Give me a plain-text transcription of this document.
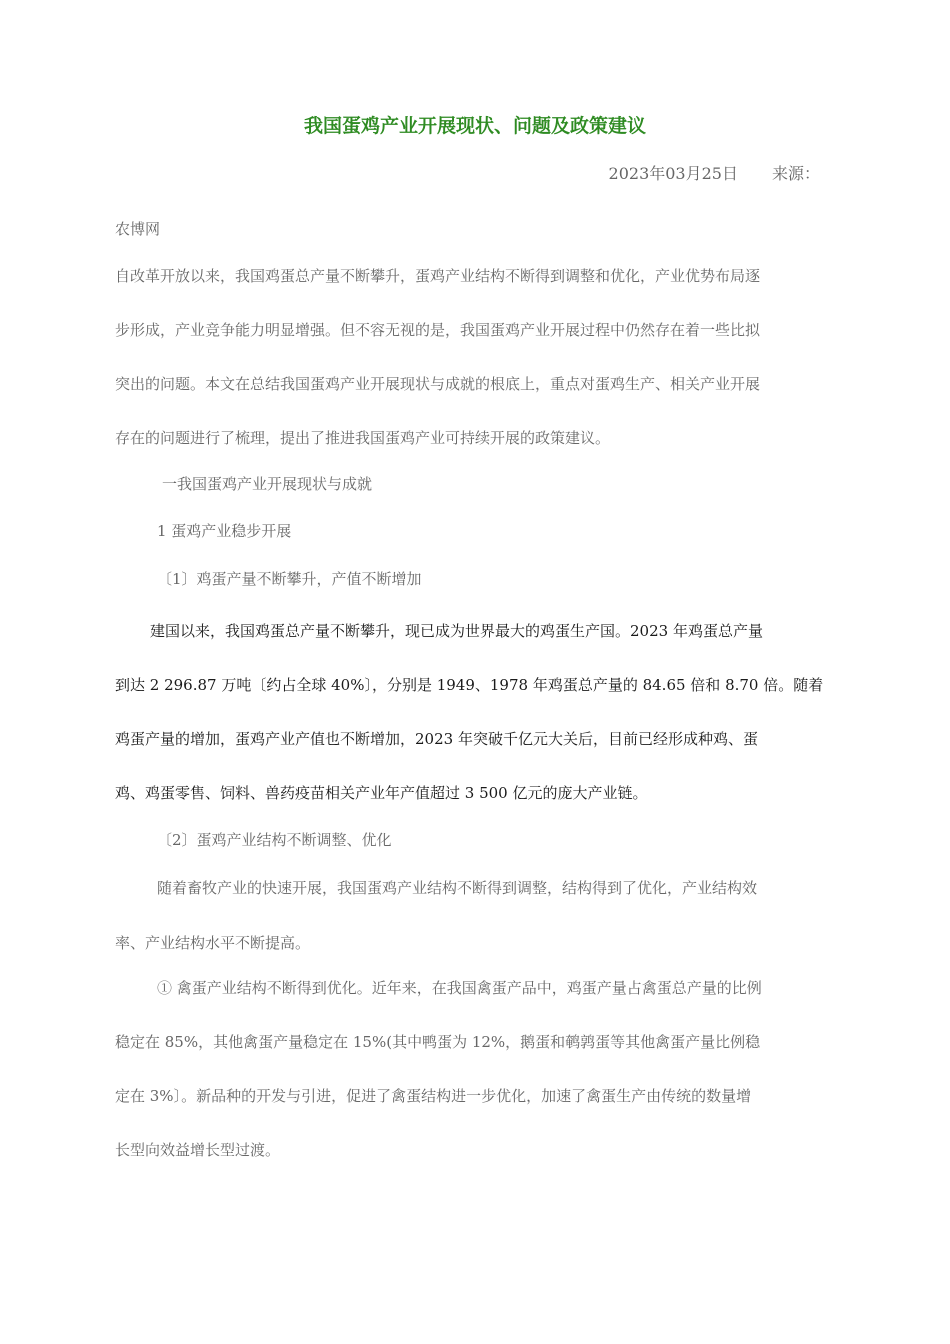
我国蛋鸡产业开展现状、问题及政策建议
2023年03月25日 来源：
农博网
自改革开放以来，我国鸡蛋总产量不断攀升，蛋鸡产业结构不断得到调整和优化，产业优势布局逐
步形成，产业竞争能力明显增强。但不容无视的是，我国蛋鸡产业开展过程中仍然存在着一些比拟
突出的问题。本文在总结我国蛋鸡产业开展现状与成就的根底上，重点对蛋鸡生产、相关产业开展
存在的问题进行了梳理，提出了推进我国蛋鸡产业可持续开展的政策建议。
一我国蛋鸡产业开展现状与成就
1 蛋鸡产业稳步开展
〔1〕鸡蛋产量不断攀升，产值不断增加
建国以来，我国鸡蛋总产量不断攀升，现已成为世界最大的鸡蛋生产国。2023 年鸡蛋总产量
到达 2 296.87 万吨〔约占全球 40%〕，分别是 1949、1978 年鸡蛋总产量的 84.65 倍和 8.70 倍。随着
鸡蛋产量的增加，蛋鸡产业产值也不断增加，2023 年突破千亿元大关后，目前已经形成种鸡、蛋
鸡、鸡蛋零售、饲料、兽药疫苗相关产业年产值超过 3 500 亿元的庞大产业链。
〔2〕蛋鸡产业结构不断调整、优化
随着畜牧产业的快速开展，我国蛋鸡产业结构不断得到调整，结构得到了优化，产业结构效
率、产业结构水平不断提高。
① 禽蛋产业结构不断得到优化。近年来，在我国禽蛋产品中，鸡蛋产量占禽蛋总产量的比例
稳定在 85%，其他禽蛋产量稳定在 15%(其中鸭蛋为 12%，鹅蛋和鹌鹑蛋等其他禽蛋产量比例稳
定在 3%〕。新品种的开发与引进，促进了禽蛋结构进一步优化，加速了禽蛋生产由传统的数量增
长型向效益增长型过渡。
